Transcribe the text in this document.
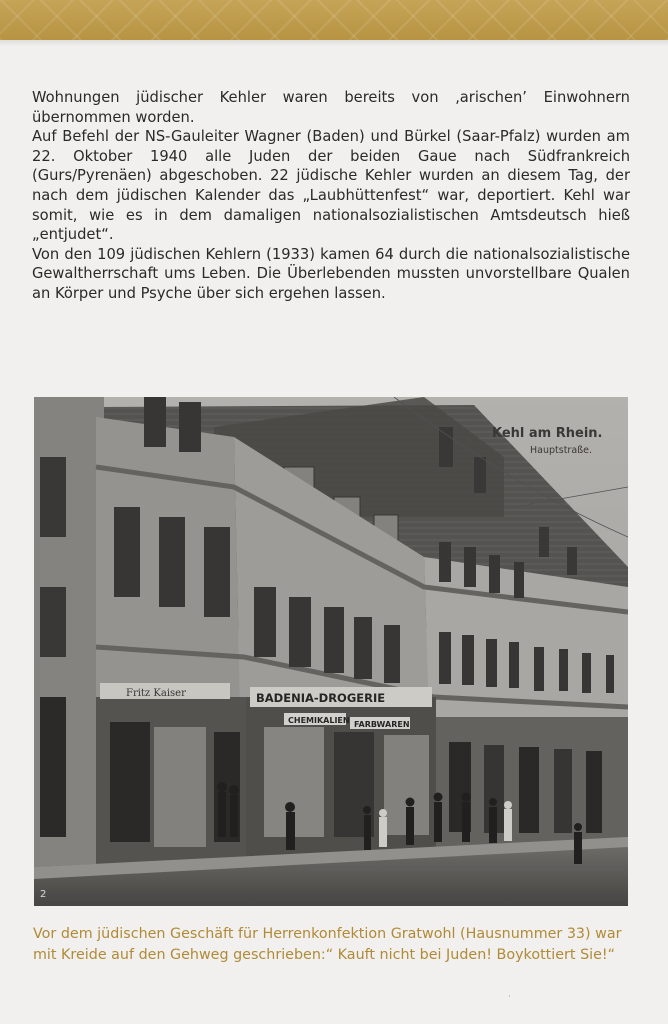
Wohnungen jüdischer Kehler waren bereits von ‚arischen’ Einwohnern übernommen worden.

Auf Befehl der NS-Gauleiter Wagner (Baden) und Bürkel (Saar-Pfalz) wurden am 22. Oktober 1940 alle Juden der beiden Gaue nach Südfrankreich (Gurs/Pyrenäen) abgeschoben. 22 jüdische Kehler wurden an diesem Tag, der nach dem jüdischen Kalender das „Laubhüttenfest“ war, deportiert. Kehl war somit, wie es in dem damaligen nationalsozialistischen Amtsdeutsch hieß „entjudet“.

Von den 109 jüdischen Kehlern (1933) kamen 64 durch die nationalsozialistische Gewaltherrschaft ums Leben. Die Überlebenden mussten unvorstellbare Qualen an Körper und Psyche über sich ergehen lassen.

Fritz Kaiser	BADENIA-DROGERIE
CHEMIKALIEN FARBWAREN
Kehl am Rhein.
Hauptstraße.
2
Vor dem jüdischen Geschäft für Herrenkonfektion Gratwohl (Hausnummer 33) war mit Kreide auf den Gehweg geschrieben:“ Kauft nicht bei Juden! Boykottiert Sie!“
·
